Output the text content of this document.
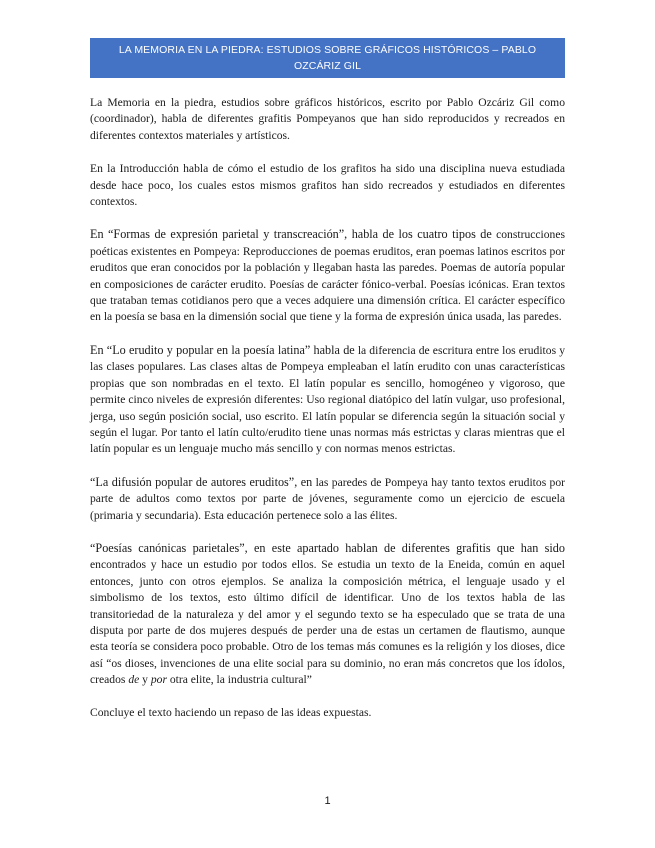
LA MEMORIA EN LA PIEDRA: ESTUDIOS SOBRE GRÁFICOS HISTÓRICOS – PABLO OZCÁRIZ GIL

La Memoria en la piedra, estudios sobre gráficos históricos, escrito por Pablo Ozcáriz Gil como (coordinador), habla de diferentes grafitis Pompeyanos que han sido reproducidos y recreados en diferentes contextos materiales y artísticos.

En la Introducción habla de cómo el estudio de los grafitos ha sido una disciplina nueva estudiada desde hace poco, los cuales estos mismos grafitos han sido recreados y estudiados en diferentes contextos.

En “Formas de expresión parietal y transcreación”, habla de los cuatro tipos de construcciones poéticas existentes en Pompeya: Reproducciones de poemas eruditos, eran poemas latinos escritos por eruditos que eran conocidos por la población y llegaban hasta las paredes. Poemas de autoría popular en composiciones de carácter erudito. Poesías de carácter fónico-verbal. Poesías icónicas. Eran textos que trataban temas cotidianos pero que a veces adquiere una dimensión crítica. El carácter específico en la poesía se basa en la dimensión social que tiene y la forma de expresión única usada, las paredes.

En “Lo erudito y popular en la poesía latina” habla de la diferencia de escritura entre los eruditos y las clases populares. Las clases altas de Pompeya empleaban el latín erudito con unas características propias que son nombradas en el texto. El latín popular es sencillo, homogéneo y vigoroso, que permite cinco niveles de expresión diferentes: Uso regional diatópico del latín vulgar, uso profesional, jerga, uso según posición social, uso escrito. El latín popular se diferencia según la situación social y según el lugar. Por tanto el latín culto/erudito tiene unas normas más estrictas y claras mientras que el latín popular es un lenguaje mucho más sencillo y con normas menos estrictas.

“La difusión popular de autores eruditos”, en las paredes de Pompeya hay tanto textos eruditos por parte de adultos como textos por parte de jóvenes, seguramente como un ejercicio de escuela (primaria y secundaria). Esta educación pertenece solo a las élites.

“Poesías canónicas parietales”, en este apartado hablan de diferentes grafitis que han sido encontrados y hace un estudio por todos ellos. Se estudia un texto de la Eneida, común en aquel entonces, junto con otros ejemplos. Se analiza la composición métrica, el lenguaje usado y el simbolismo de los textos, esto último difícil de identificar. Uno de los textos habla de las transitoriedad de la naturaleza y del amor y el segundo texto se ha especulado que se trata de una disputa por parte de dos mujeres después de perder una de estas un certamen de flautismo, aunque esta teoría se considera poco probable. Otro de los temas más comunes es la religión y los dioses, dice así “os dioses, invenciones de una elite social para su dominio, no eran más concretos que los ídolos, creados de y por otra elite, la industria cultural”

Concluye el texto haciendo un repaso de las ideas expuestas.

1
